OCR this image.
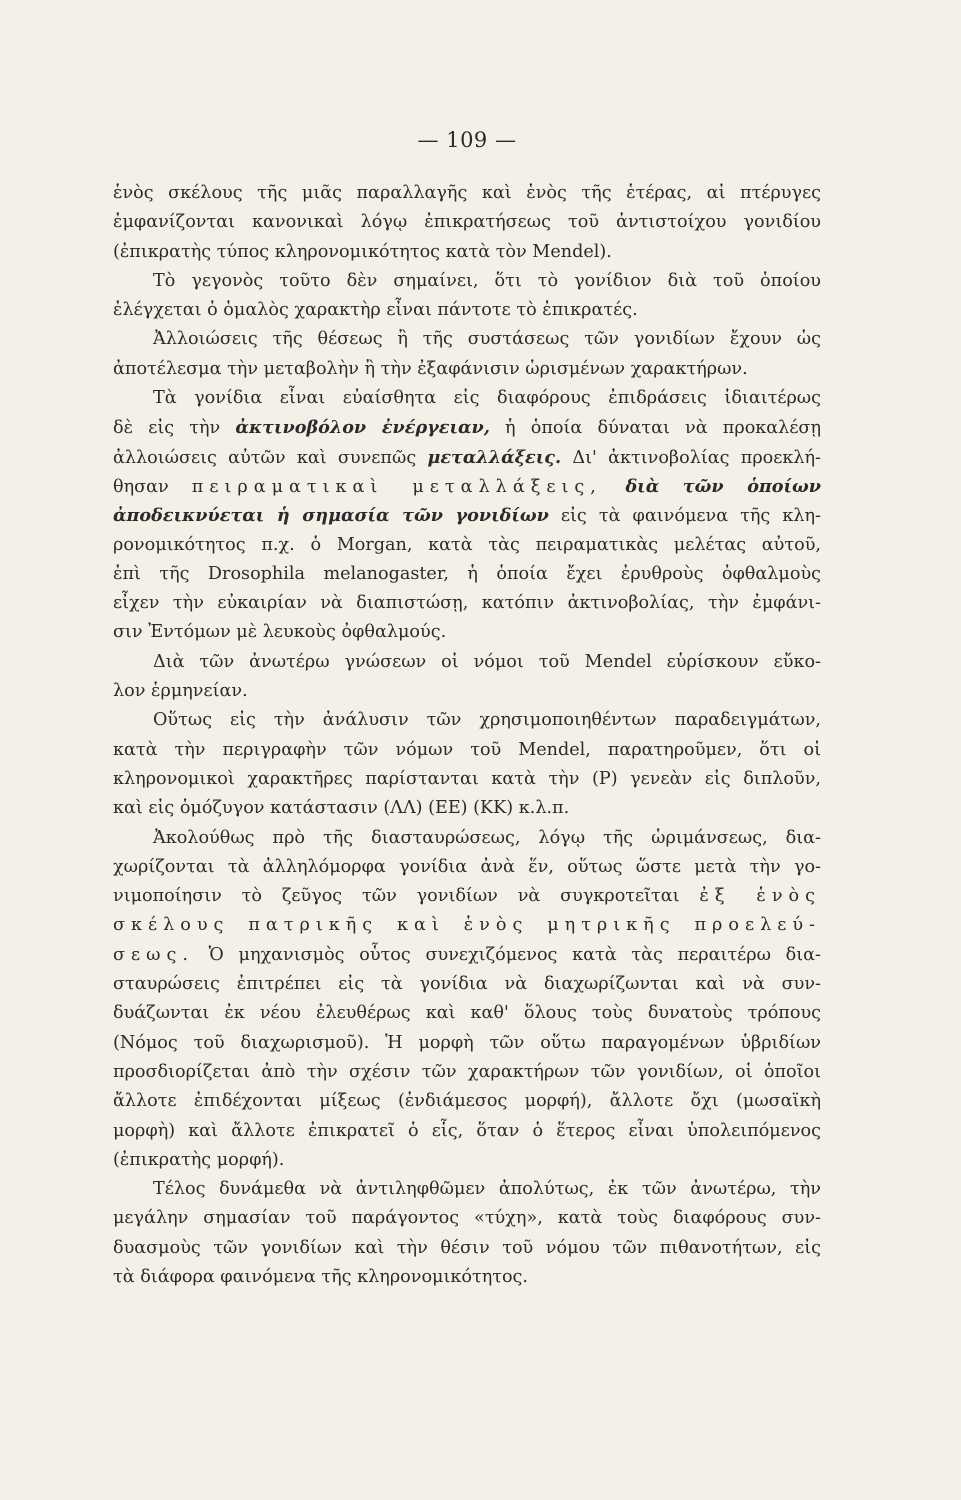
— 109 —
ἑνὸς σκέλους τῆς μιᾶς παραλλαγῆς καὶ ἑνὸς τῆς ἑτέρας, αἱ πτέρυγες
ἐμφανίζονται κανονικαὶ λόγῳ ἐπικρατήσεως τοῦ ἀντιστοίχου γονιδίου
(ἐπικρατὴς τύπος κληρονομικότητος κατὰ τὸν Mendel).
Τὸ γεγονὸς τοῦτο δὲν σημαίνει, ὅτι τὸ γονίδιον διὰ τοῦ ὁποίου
ἐλέγχεται ὁ ὁμαλὸς χαρακτὴρ εἶναι πάντοτε τὸ ἐπικρατές.
Ἀλλοιώσεις τῆς θέσεως ἢ τῆς συστάσεως τῶν γονιδίων ἔχουν ὡς
ἀποτέλεσμα τὴν μεταβολὴν ἢ τὴν ἐξαφάνισιν ὡρισμένων χαρακτήρων.
Τὰ γονίδια εἶναι εὐαίσθητα εἰς διαφόρους ἐπιδράσεις ἰδιαιτέρως
δὲ εἰς τὴν ἀκτινοβόλον ἐνέργειαν, ἡ ὁποία δύναται νὰ προκαλέσῃ
ἀλλοιώσεις αὐτῶν καὶ συνεπῶς μεταλλάξεις. Δι' ἀκτινοβολίας προεκλή-
θησαν πειραματικαὶ μεταλλάξεις, διὰ τῶν ὁποίων
ἀποδεικνύεται ἡ σημασία τῶν γονιδίων εἰς τὰ φαινόμενα τῆς κλη-
ρονομικότητος π.χ. ὁ Morgan, κατὰ τὰς πειραματικὰς μελέτας αὐτοῦ,
ἐπὶ τῆς Drosophila melanogaster, ἡ ὁποία ἔχει ἐρυθροὺς ὀφθαλμοὺς
εἶχεν τὴν εὐκαιρίαν νὰ διαπιστώσῃ, κατόπιν ἀκτινοβολίας, τὴν ἐμφάνι-
σιν Ἐντόμων μὲ λευκοὺς ὀφθαλμούς.
Διὰ τῶν ἀνωτέρω γνώσεων οἱ νόμοι τοῦ Mendel εὑρίσκουν εὔκο-
λον ἑρμηνείαν.
Οὕτως εἰς τὴν ἀνάλυσιν τῶν χρησιμοποιηθέντων παραδειγμάτων,
κατὰ τὴν περιγραφὴν τῶν νόμων τοῦ Mendel, παρατηροῦμεν, ὅτι οἱ
κληρονομικοὶ χαρακτῆρες παρίστανται κατὰ τὴν (P) γενεὰν εἰς διπλοῦν,
καὶ εἰς ὁμόζυγον κατάστασιν (ΛΛ) (ΕΕ) (ΚΚ) κ.λ.π.
Ἀκολούθως πρὸ τῆς διασταυρώσεως, λόγῳ τῆς ὡριμάνσεως, δια-
χωρίζονται τὰ ἀλληλόμορφα γονίδια ἀνὰ ἕν, οὕτως ὥστε μετὰ τὴν γο-
νιμοποίησιν τὸ ζεῦγος τῶν γονιδίων νὰ συγκροτεῖται ἐξ ἑνὸς
σκέλους πατρικῆς καὶ ἑνὸς μητρικῆς προελεύ-
σεως. Ὁ μηχανισμὸς οὗτος συνεχιζόμενος κατὰ τὰς περαιτέρω δια-
σταυρώσεις ἐπιτρέπει εἰς τὰ γονίδια νὰ διαχωρίζωνται καὶ νὰ συν-
δυάζωνται ἐκ νέου ἐλευθέρως καὶ καθ' ὅλους τοὺς δυνατοὺς τρόπους
(Νόμος τοῦ διαχωρισμοῦ). Ἡ μορφὴ τῶν οὕτω παραγομένων ὑβριδίων
προσδιορίζεται ἀπὸ τὴν σχέσιν τῶν χαρακτήρων τῶν γονιδίων, οἱ ὁποῖοι
ἄλλοτε ἐπιδέχονται μίξεως (ἐνδιάμεσος μορφή), ἄλλοτε ὄχι (μωσαϊκὴ
μορφὴ) καὶ ἄλλοτε ἐπικρατεῖ ὁ εἷς, ὅταν ὁ ἕτερος εἶναι ὑπολειπόμενος
(ἐπικρατὴς μορφή).
Τέλος δυνάμεθα νὰ ἀντιληφθῶμεν ἀπολύτως, ἐκ τῶν ἀνωτέρω, τὴν
μεγάλην σημασίαν τοῦ παράγοντος «τύχη», κατὰ τοὺς διαφόρους συν-
δυασμοὺς τῶν γονιδίων καὶ τὴν θέσιν τοῦ νόμου τῶν πιθανοτήτων, εἰς
τὰ διάφορα φαινόμενα τῆς κληρονομικότητος.
